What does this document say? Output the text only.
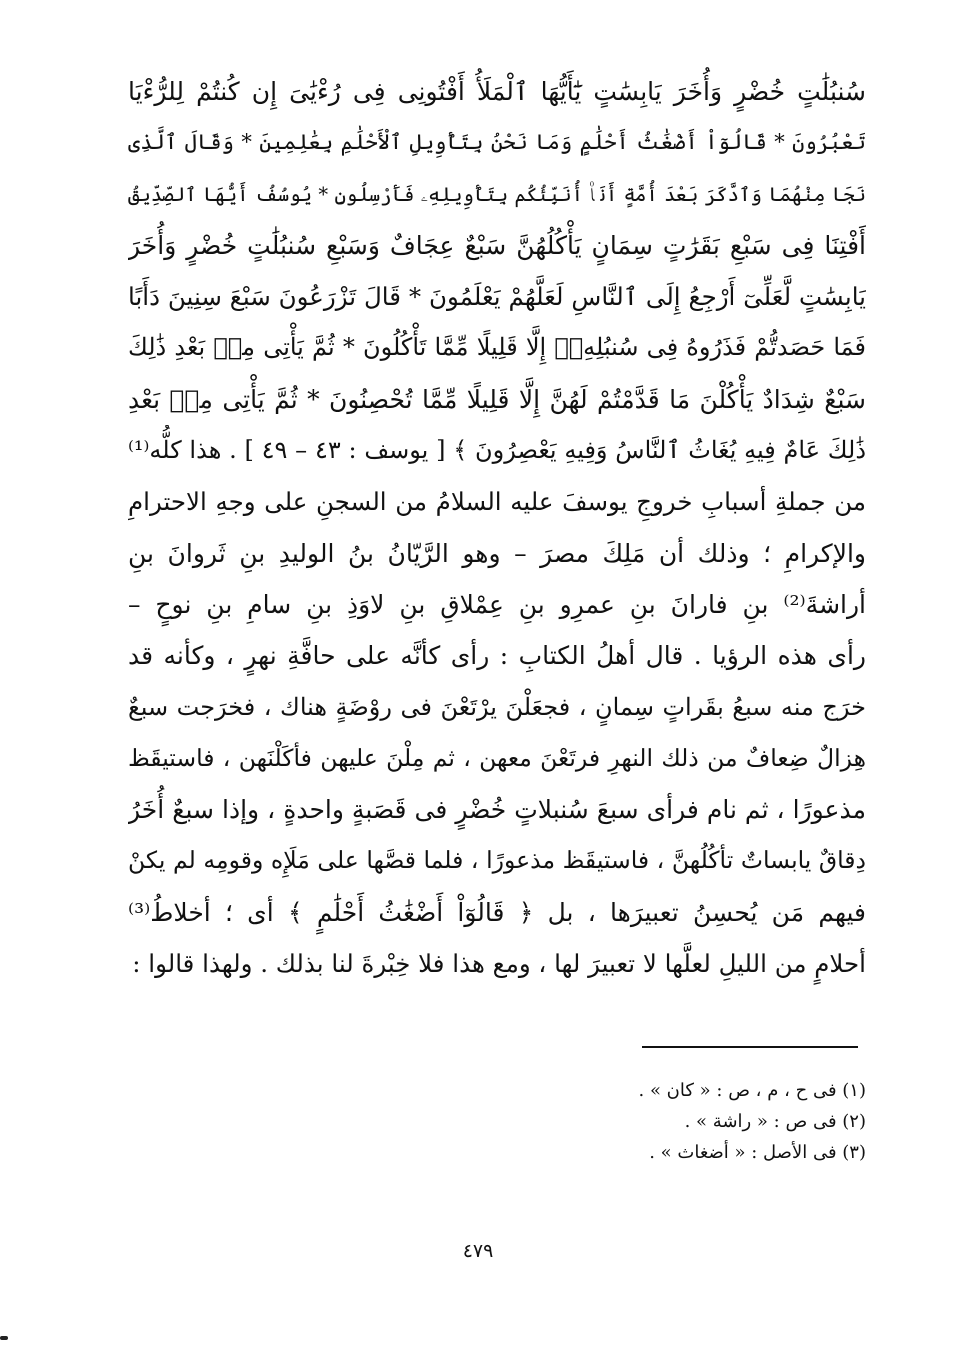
سُنبُلَٰتٍ خُضْرٍ وَأُخَرَ يَابِسَٰتٍ يَٰٓأَيُّهَا ٱلْمَلَأُ أَفْتُونِى فِى رُءْيَٰىَ إِن كُنتُمْ لِلرُّءْيَا
تَعْبُرُونَ * قَالُوٓاْ أَضْغَٰثُ أَحْلَٰمٍ وَمَا نَحْنُ بِتَأْوِيلِ ٱلْأَحْلَٰمِ بِعَٰلِمِينَ * وَقَالَ ٱلَّذِى
نَجَا مِنْهُمَا وَٱدَّكَرَ بَعْدَ أُمَّةٍ أَنَا۠ أُنَبِّئُكُم بِتَأْوِيلِهِۦ فَأَرْسِلُونِ * يُوسُفُ أَيُّهَا ٱلصِّدِّيقُ
أَفْتِنَا فِى سَبْعِ بَقَرَٰتٍ سِمَانٍ يَأْكُلُهُنَّ سَبْعٌ عِجَافٌ وَسَبْعِ سُنبُلَٰتٍ خُضْرٍ وَأُخَرَ
يَابِسَٰتٍ لَّعَلِّىٓ أَرْجِعُ إِلَى ٱلنَّاسِ لَعَلَّهُمْ يَعْلَمُونَ * قَالَ تَزْرَعُونَ سَبْعَ سِنِينَ دَأَبًا
فَمَا حَصَدتُّمْ فَذَرُوهُ فِى سُنبُلِهِۦٓ إِلَّا قَلِيلًا مِّمَّا تَأْكُلُونَ * ثُمَّ يَأْتِى مِنۢ بَعْدِ ذَٰلِكَ
سَبْعٌ شِدَادٌ يَأْكُلْنَ مَا قَدَّمْتُمْ لَهُنَّ إِلَّا قَلِيلًا مِّمَّا تُحْصِنُونَ * ثُمَّ يَأْتِى مِنۢ بَعْدِ
ذَٰلِكَ عَامٌ فِيهِ يُغَاثُ ٱلنَّاسُ وَفِيهِ يَعْصِرُونَ ﴾ [ يوسف : ٤٣ – ٤٩ ] . هذا كلُّه⁽¹⁾
من جملةِ أسبابِ خروجِ يوسفَ عليه السلامُ من السجنِ على وجهِ الاحترامِ
والإكرامِ ؛ وذلك أن مَلِكَ مصرَ – وهو الرَّيّانُ بنُ الوليدِ بنِ ثَروانَ بنِ
أراشةَ⁽²⁾ بنِ فارانَ بنِ عمرِو بنِ عِمْلاقِ بنِ لاوَذِ بنِ سامِ بنِ نوحٍ –
رأى هذه الرؤيا . قال أهلُ الكتابِ : رأى كأنَّه على حافَّةِ نهرٍ ، وكأنه قد
خرَج منه سبعُ بقَراتٍ سِمانٍ ، فجعَلْنَ يرْتَعْنَ فى روْضَةٍ هناك ، فخرَجت سبعٌ
هِزالٌ ضِعافٌ من ذلك النهرِ فرتَعْنَ معهن ، ثم مِلْنَ عليهن فأكَلْنَهن ، فاستيقَظ
مذعورًا ، ثم نام فرأى سبعَ سُنبلاتٍ خُضْرٍ فى قَصَبةٍ واحدةٍ ، وإذا سبعٌ أُخَرُ
دِقاقٌ يابساتٌ تأكُلُهنَّ ، فاستيقَظ مذعورًا ، فلما قصَّها على مَلَإِه وقومِه لم يكنْ
فيهم مَن يُحسِنُ تعبيرَها ، بل ﴿ قَالُوٓاْ أَضْغَٰثُ أَحْلَٰمٍ ﴾ أى ؛ أخلاطُ⁽³⁾
أحلامٍ من الليلِ لعلَّها لا تعبيرَ لها ، ومع هذا فلا خِبْرةَ لنا بذلك . ولهذا قالوا :
(١) فى ح ، م ، ص : « كان » .
(٢) فى ص : « راشة » .
(٣) فى الأصل : « أضغاث » .
٤٧٩
